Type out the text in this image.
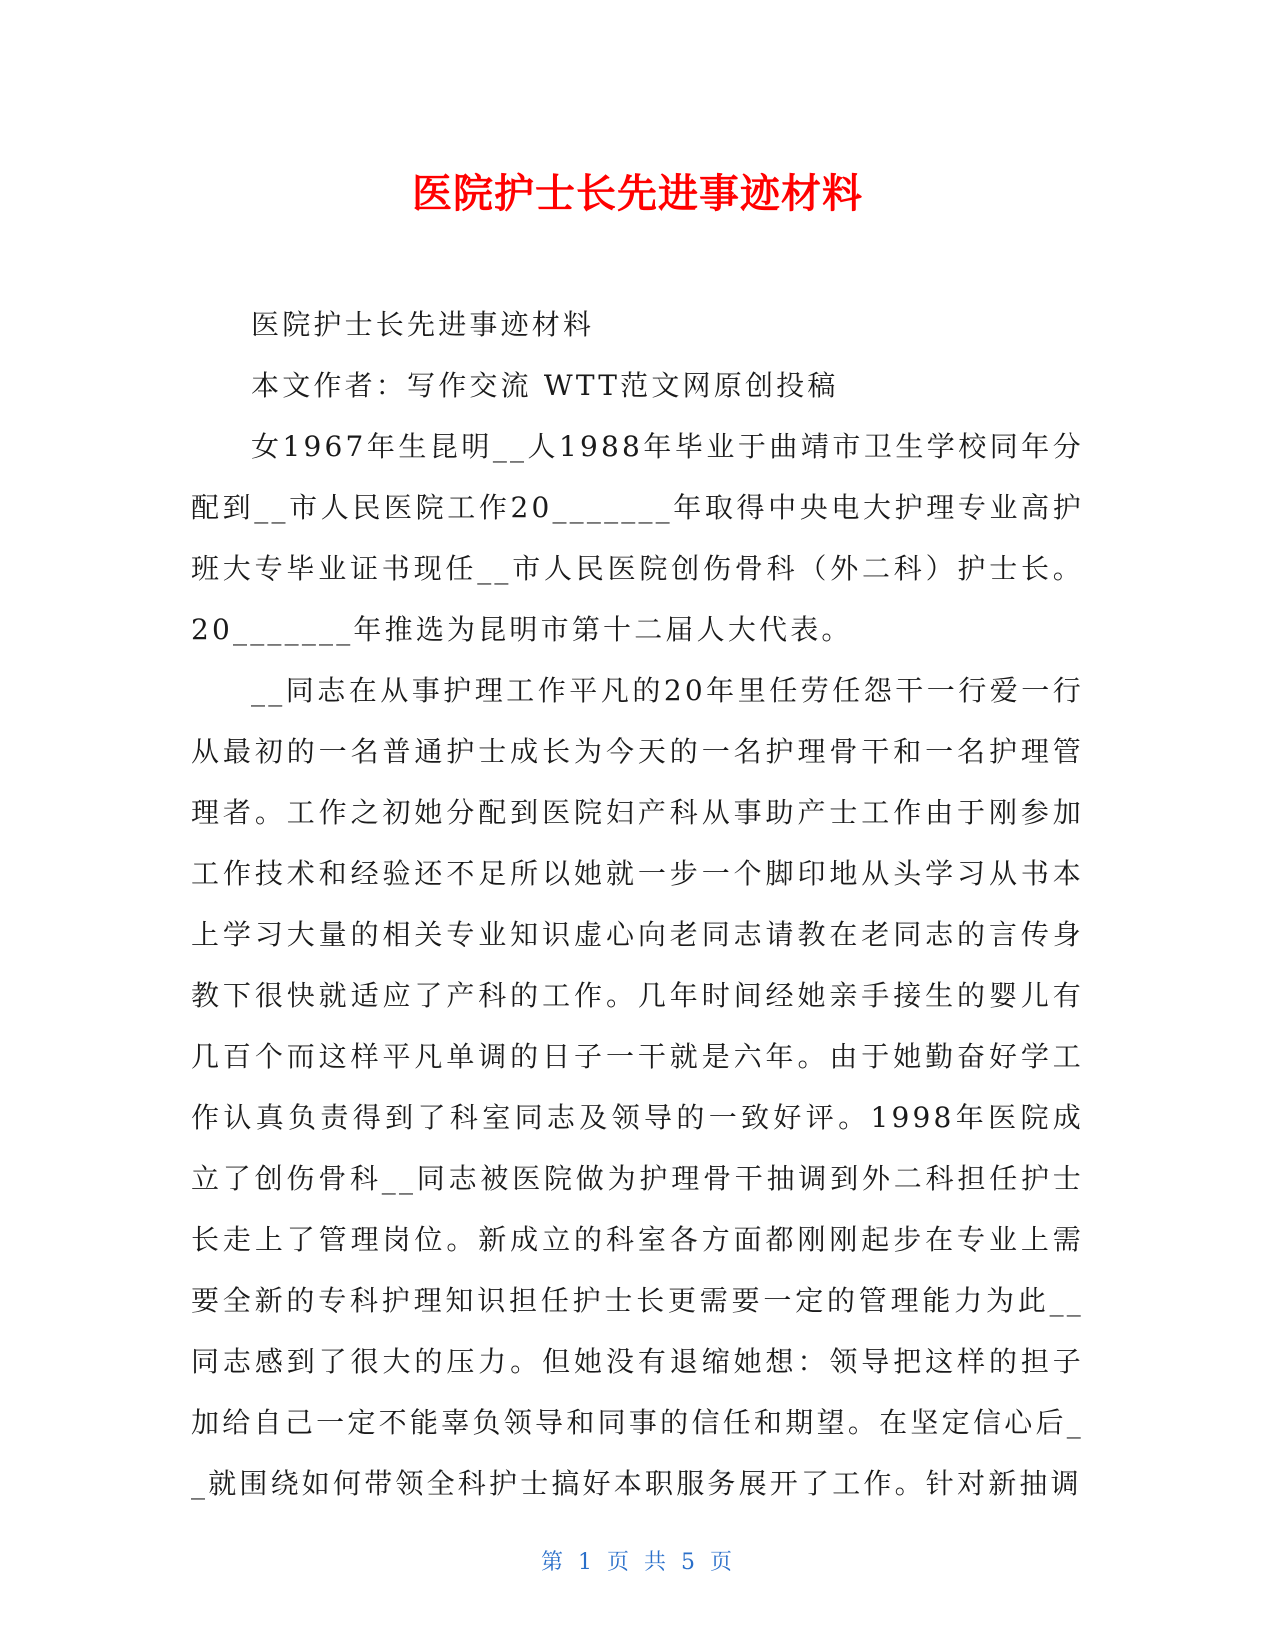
医院护士长先进事迹材料

医院护士长先进事迹材料

本文作者：写作交流 WTT范文网原创投稿

女1967年生昆明__人1988年毕业于曲靖市卫生学校同年分配到__市人民医院工作20_______年取得中央电大护理专业高护班大专毕业证书现任__市人民医院创伤骨科（外二科）护士长。20_______年推选为昆明市第十二届人大代表。

__同志在从事护理工作平凡的20年里任劳任怨干一行爱一行从最初的一名普通护士成长为今天的一名护理骨干和一名护理管理者。工作之初她分配到医院妇产科从事助产士工作由于刚参加工作技术和经验还不足所以她就一步一个脚印地从头学习从书本上学习大量的相关专业知识虚心向老同志请教在老同志的言传身教下很快就适应了产科的工作。几年时间经她亲手接生的婴儿有几百个而这样平凡单调的日子一干就是六年。由于她勤奋好学工作认真负责得到了科室同志及领导的一致好评。1998年医院成立了创伤骨科__同志被医院做为护理骨干抽调到外二科担任护士长走上了管理岗位。新成立的科室各方面都刚刚起步在专业上需要全新的专科护理知识担任护士长更需要一定的管理能力为此__同志感到了很大的压力。但她没有退缩她想：领导把这样的担子加给自己一定不能辜负领导和同事的信任和期望。在坚定信心后__就围绕如何带领全科护士搞好本职服务展开了工作。针对新抽调

第 1 页 共 5 页
